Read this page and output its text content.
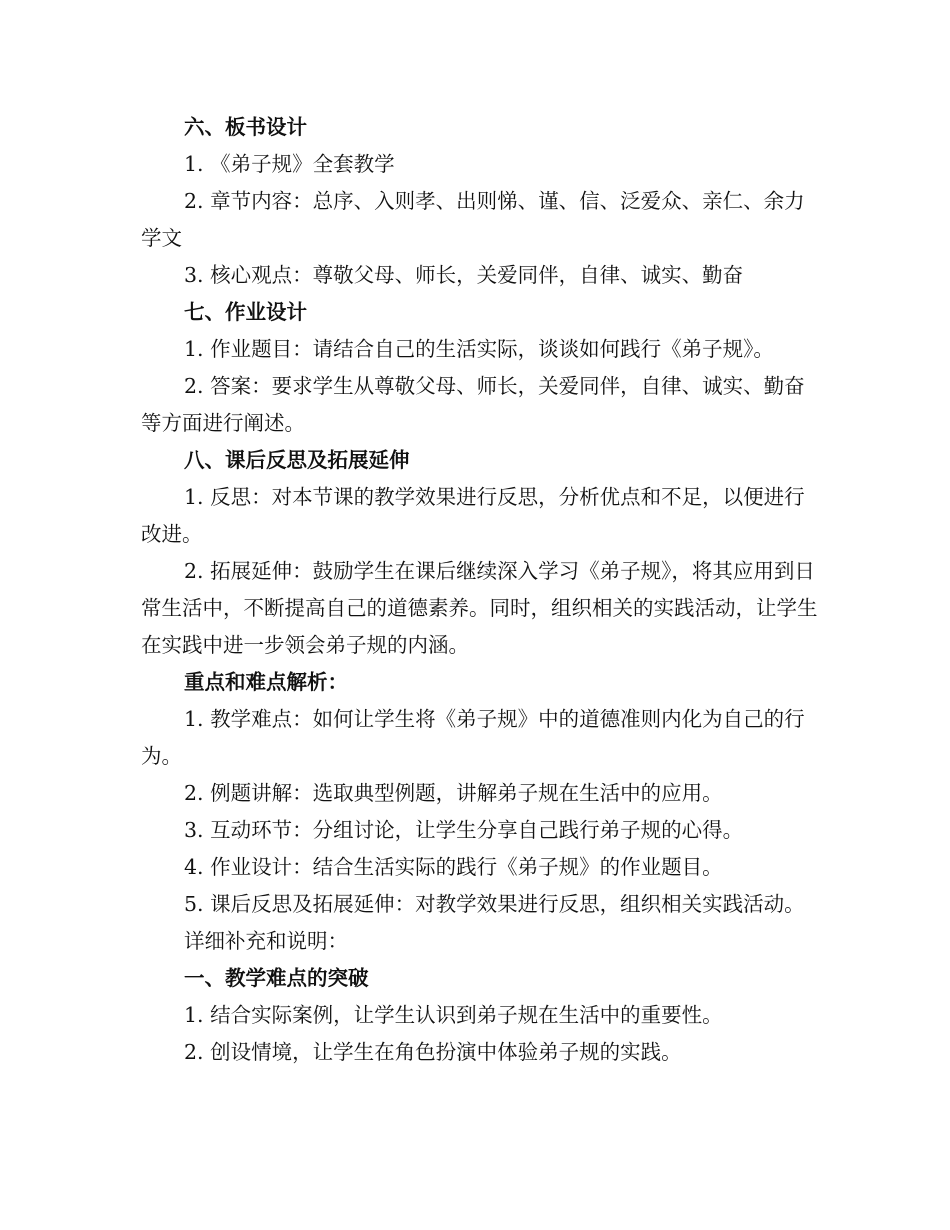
六、板书设计

1. 《弟子规》全套教学

2. 章节内容：总序、入则孝、出则悌、谨、信、泛爱众、亲仁、余力学文

3. 核心观点：尊敬父母、师长，关爱同伴，自律、诚实、勤奋

七、作业设计

1. 作业题目：请结合自己的生活实际，谈谈如何践行《弟子规》。

2. 答案：要求学生从尊敬父母、师长，关爱同伴，自律、诚实、勤奋等方面进行阐述。

八、课后反思及拓展延伸

1. 反思：对本节课的教学效果进行反思，分析优点和不足，以便进行改进。

2. 拓展延伸：鼓励学生在课后继续深入学习《弟子规》，将其应用到日常生活中，不断提高自己的道德素养。同时，组织相关的实践活动，让学生在实践中进一步领会弟子规的内涵。

重点和难点解析：

1. 教学难点：如何让学生将《弟子规》中的道德准则内化为自己的行为。

2. 例题讲解：选取典型例题，讲解弟子规在生活中的应用。

3. 互动环节：分组讨论，让学生分享自己践行弟子规的心得。

4. 作业设计：结合生活实际的践行《弟子规》的作业题目。

5. 课后反思及拓展延伸：对教学效果进行反思，组织相关实践活动。

详细补充和说明：

一、教学难点的突破

1. 结合实际案例，让学生认识到弟子规在生活中的重要性。

2. 创设情境，让学生在角色扮演中体验弟子规的实践。
